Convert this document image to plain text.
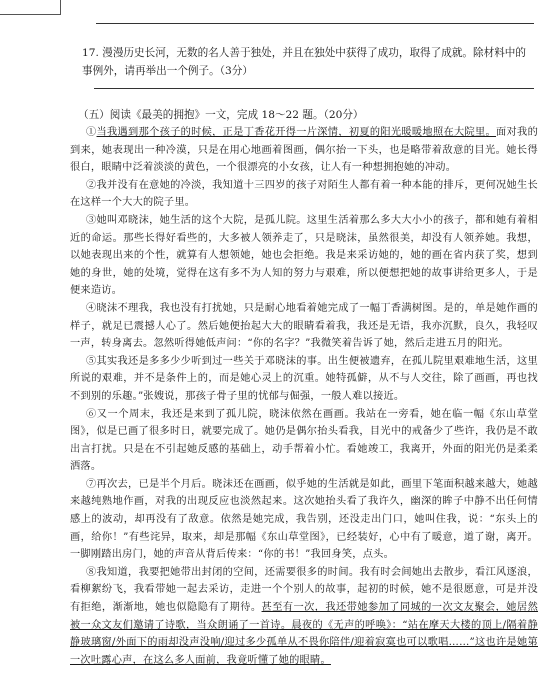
17. 漫漫历史长河，无数的名人善于独处，并且在独处中获得了成功，取得了成就。除材料中的事例外，请再举出一个例子。（3分）

（五）阅读《最美的拥抱》一文，完成 18～22 题。（20分）

①当我遇到那个孩子的时候，正是丁香花开得一片深情，初夏的阳光暖暖地照在大院里。面对我的到来，她表现出一种冷漠，只是在用心地画着图画，偶尔抬一下头，也是略带着敌意的目光。她长得很白，眼睛中泛着淡淡的黄色，一个很漂亮的小女孩，让人有一种想拥抱她的冲动。

②我并没有在意她的冷淡，我知道十三四岁的孩子对陌生人都有着一种本能的排斥，更何况她生长在这样一个大大的院子里。

③她叫邓晓沫，她生活的这个大院，是孤儿院。这里生活着那么多大大小小的孩子，都和她有着相近的命运。那些长得好看些的，大多被人领养走了，只是晓沫，虽然很美，却没有人领养她。我想，以她表现出来的个性，就算有人想领她，她也会拒绝。我是来采访她的，她的画在省内获了奖，想到她的身世，她的处境，觉得在这有多不为人知的努力与艰难，所以便想把她的故事讲给更多人，于是便来造访。

④晓沫不理我，我也没有打扰她，只是耐心地看着她完成了一幅丁香满树图。是的，单是她作画的样子，就足已震撼人心了。然后她便抬起大大的眼睛看着我，我还是无语，我亦沉默，良久，我轻叹一声，转身离去。忽然听得她低声问：“你的名字？”我微笑着告诉了她，然后走进五月的阳光。

⑤其实我还是多多少少听到过一些关于邓晓沫的事。出生便被遗弃，在孤儿院里艰难地生活，这里所说的艰难，并不是条件上的，而是她心灵上的沉重。她特孤僻，从不与人交往，除了画画，再也找不到别的乐趣。”张嫂说，那孩子骨子里的忧郁与倔强，一般人难以接近。

⑥又一个周末，我还是来到了孤儿院，晓沫依然在画画。我站在一旁看，她在临一幅《东山草堂图》，似是已画了很多时日，就要完成了。她仍是偶尔抬头看我，目光中的戒备少了些许，我仍是不敢出言打扰。只是在不引起她反感的基础上，动手帮着小忙。看她竣工，我离开，外面的阳光仍是柔柔洒落。

⑦再次去，已是半个月后。晓沫还在画画，似乎她的生活就是如此，画里下笔面积越来越大，她越来越纯熟地作画，对我的出现反应也淡然起来。这次她抬头看了我许久，幽深的眸子中静不出任何情感上的波动，却再没有了敌意。依然是她完成，我告别，还没走出门口，她叫住我，说：“东头上的画，给你！”有些诧异，取来，却是那幅《东山草堂图》，已经装好，心中有了暖意，道了谢，离开。一脚刚踏出房门，她的声音从背后传来：“你的书！”我回身笑，点头。

⑧我知道，我要把她带出封闭的空间，还需要很多的时间。我有时会间她出去散步，看江风逐浪，看柳絮纷飞，我看带她一起去采访，走进一个个别人的故事，起初的时候，她不是很愿意，可是并没有拒绝，渐渐地，她也似隐隐有了期待。甚至有一次，我还带她参加了同城的一次文友聚会，她居然被一众文友们邀请了诗歌，当众朗诵了一首诗。晨夜的《无声的呼唤》：“站在摩天大楼的顶上/隔着静静玻璃窗/外面下的雨却没声没响/迎过多少孤单从不畏你陪伴/迎着寂寞也可以歌唱……”这也许是她第一次吐露心声，在这么多人面前，我竟听懂了她的眼睛。
